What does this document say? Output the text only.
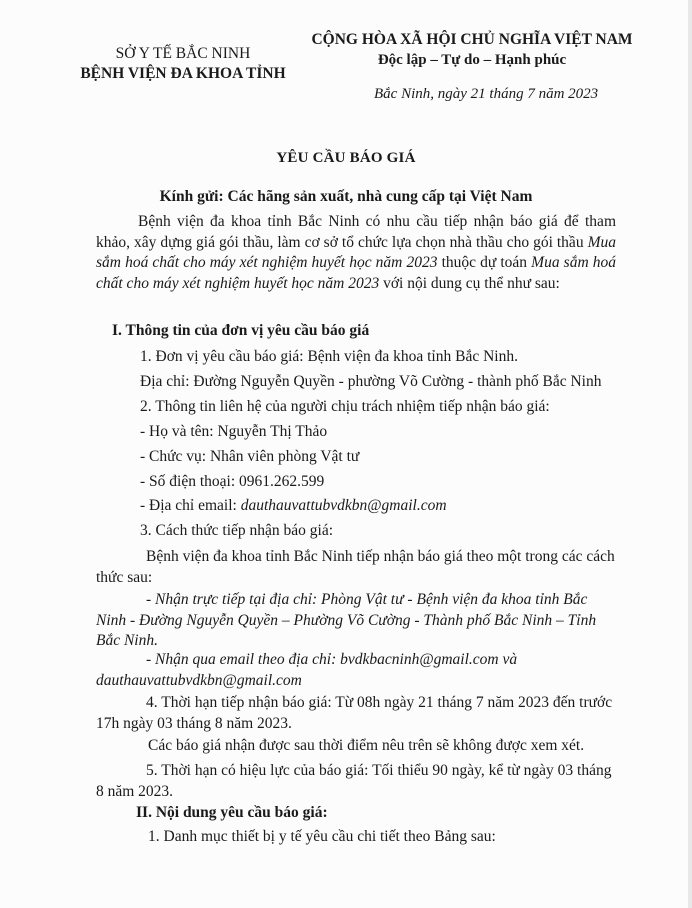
SỞ Y TẾ BẮC NINH
BỆNH VIỆN ĐA KHOA TỈNH
CỘNG HÒA XÃ HỘI CHỦ NGHĨA VIỆT NAM
Độc lập – Tự do – Hạnh phúc
Bắc Ninh, ngày 21 tháng 7 năm 2023
YÊU CẦU BÁO GIÁ
Kính gửi: Các hãng sản xuất, nhà cung cấp tại Việt Nam
Bệnh viện đa khoa tỉnh Bắc Ninh có nhu cầu tiếp nhận báo giá để tham khảo, xây dựng giá gói thầu, làm cơ sở tổ chức lựa chọn nhà thầu cho gói thầu Mua sắm hoá chất cho máy xét nghiệm huyết học năm 2023 thuộc dự toán Mua sắm hoá chất cho máy xét nghiệm huyết học năm 2023 với nội dung cụ thể như sau:
I. Thông tin của đơn vị yêu cầu báo giá
1. Đơn vị yêu cầu báo giá: Bệnh viện đa khoa tỉnh Bắc Ninh.
Địa chỉ: Đường Nguyễn Quyền - phường Võ Cường - thành phố Bắc Ninh
2. Thông tin liên hệ của người chịu trách nhiệm tiếp nhận báo giá:
- Họ và tên: Nguyễn Thị Thảo
- Chức vụ: Nhân viên phòng Vật tư
- Số điện thoại: 0961.262.599
- Địa chỉ email: dauthauvattubvdkbn@gmail.com
3. Cách thức tiếp nhận báo giá:
Bệnh viện đa khoa tỉnh Bắc Ninh tiếp nhận báo giá theo một trong các cách thức sau:
- Nhận trực tiếp tại địa chỉ: Phòng Vật tư - Bệnh viện đa khoa tỉnh Bắc Ninh - Đường Nguyễn Quyền – Phường Võ Cường - Thành phố Bắc Ninh – Tỉnh Bắc Ninh.
- Nhận qua email theo địa chỉ: bvdkbacninh@gmail.com và dauthauvattubvdkbn@gmail.com
4. Thời hạn tiếp nhận báo giá: Từ 08h ngày 21 tháng 7 năm 2023 đến trước 17h ngày 03 tháng 8 năm 2023.
Các báo giá nhận được sau thời điểm nêu trên sẽ không được xem xét.
5. Thời hạn có hiệu lực của báo giá: Tối thiểu 90 ngày, kể từ ngày 03 tháng 8 năm 2023.
II. Nội dung yêu cầu báo giá:
1. Danh mục thiết bị y tế yêu cầu chi tiết theo Bảng sau:
